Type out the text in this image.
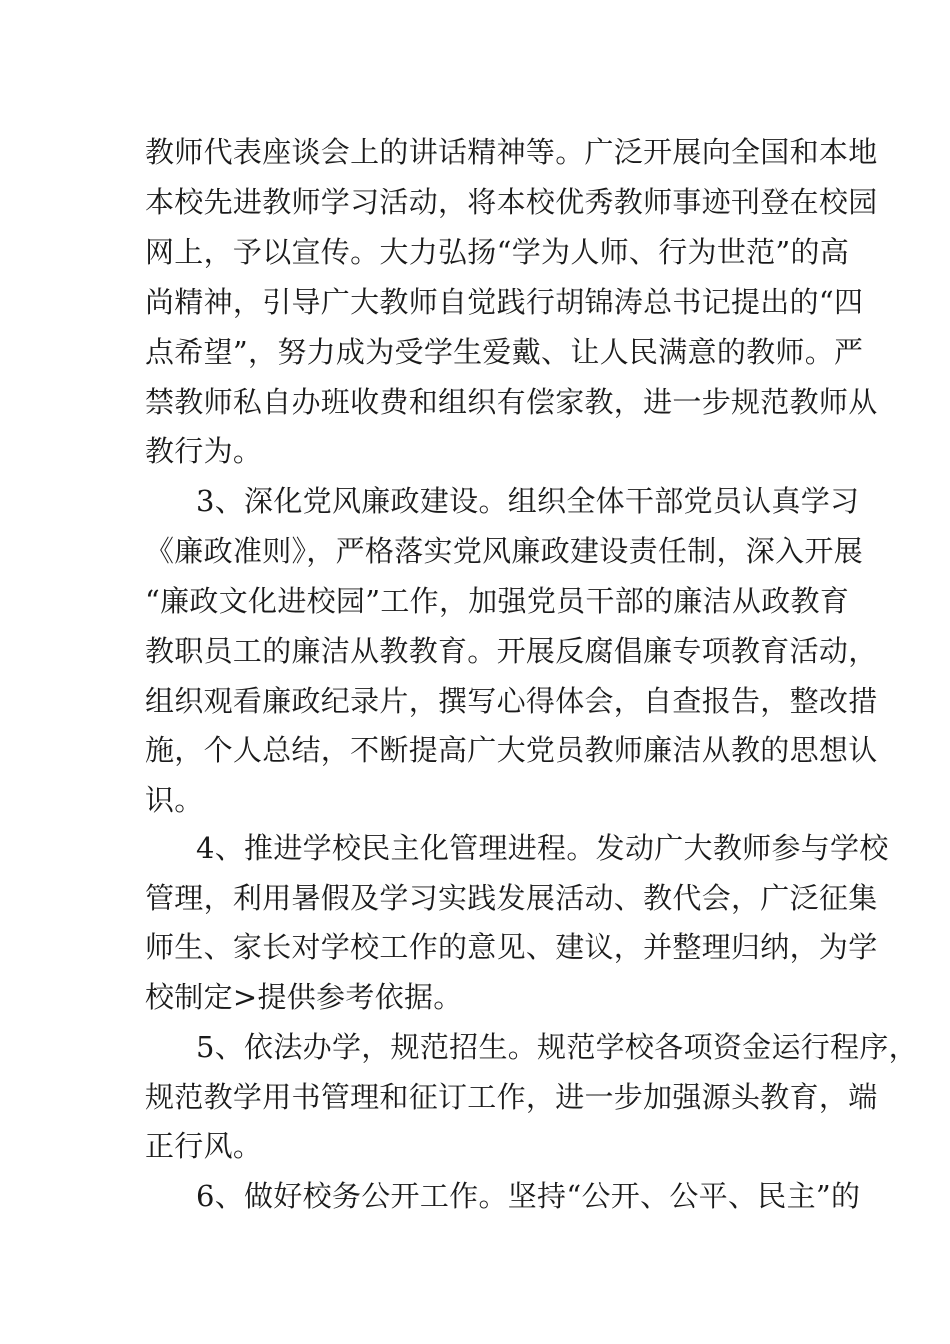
教师代表座谈会上的讲话精神等。广泛开展向全国和本地
本校先进教师学习活动，将本校优秀教师事迹刊登在校园
网上，予以宣传。大力弘扬“学为人师、行为世范”的高
尚精神，引导广大教师自觉践行胡锦涛总书记提出的“四
点希望”，努力成为受学生爱戴、让人民满意的教师。严
禁教师私自办班收费和组织有偿家教，进一步规范教师从
教行为。
3、深化党风廉政建设。组织全体干部党员认真学习
《廉政准则》，严格落实党风廉政建设责任制，深入开展
“廉政文化进校园”工作，加强党员干部的廉洁从政教育
教职员工的廉洁从教教育。开展反腐倡廉专项教育活动，
组织观看廉政纪录片，撰写心得体会，自查报告，整改措
施，个人总结，不断提高广大党员教师廉洁从教的思想认
识。
4、推进学校民主化管理进程。发动广大教师参与学校
管理，利用暑假及学习实践发展活动、教代会，广泛征集
师生、家长对学校工作的意见、建议，并整理归纳，为学
校制定>提供参考依据。
5、依法办学，规范招生。规范学校各项资金运行程序，
规范教学用书管理和征订工作，进一步加强源头教育，端
正行风。
6、做好校务公开工作。坚持“公开、公平、民主”的
